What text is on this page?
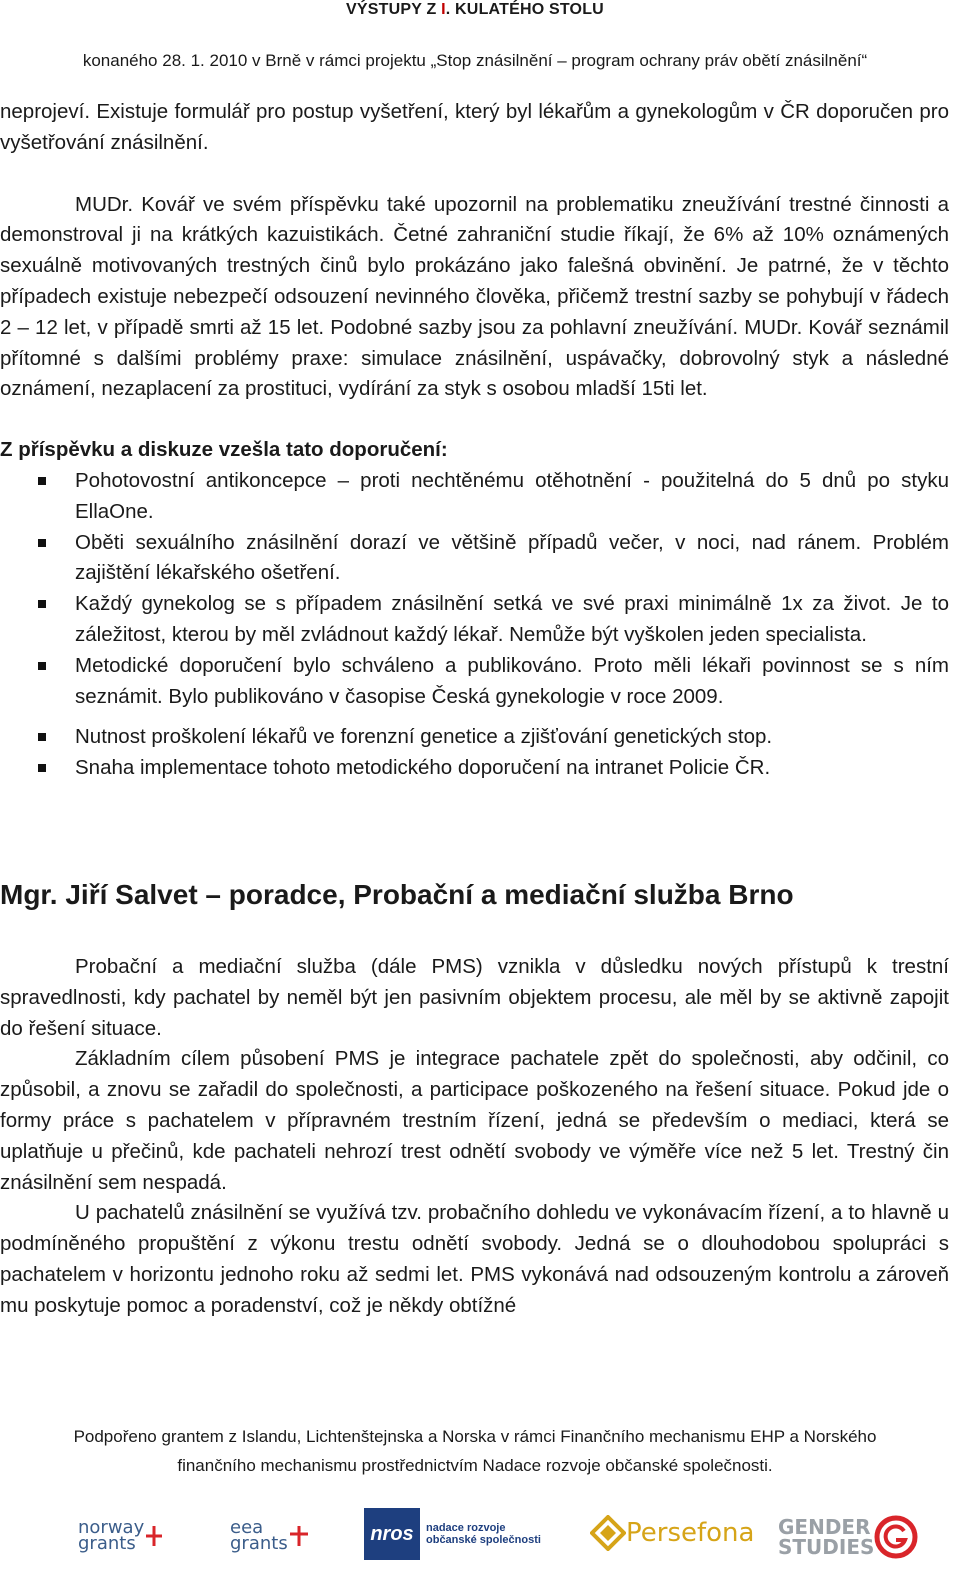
VÝSTUPY Z I. KULATÉHO STOLU
konaného 28. 1. 2010 v Brně v rámci projektu „Stop znásilnění – program ochrany práv obětí znásilnění“

neprojeví. Existuje formulář pro postup vyšetření, který byl lékařům a gynekologům v ČR doporučen pro vyšetřování znásilnění.

MUDr. Kovář ve svém příspěvku také upozornil na problematiku zneužívání trestné činnosti a demonstroval ji na krátkých kazuistikách. Četné zahraniční studie říkají, že 6% až 10% oznámených sexuálně motivovaných trestných činů bylo prokázáno jako falešná obvinění. Je patrné, že v těchto případech existuje nebezpečí odsouzení nevinného člověka, přičemž trestní sazby se pohybují v řádech 2 – 12 let, v případě smrti až 15 let. Podobné sazby jsou za pohlavní zneužívání. MUDr. Kovář seznámil přítomné s dalšími problémy praxe: simulace znásilnění, uspávačky, dobrovolný styk a následné oznámení, nezaplacení za prostituci, vydírání za styk s osobou mladší 15ti let.

Z příspěvku a diskuze vzešla tato doporučení:

Pohotovostní antikoncepce – proti nechtěnému otěhotnění - použitelná do 5 dnů po styku EllaOne.
Oběti sexuálního znásilnění dorazí ve většině případů večer, v noci, nad ránem. Problém zajištění lékařského ošetření.
Každý gynekolog se s případem znásilnění setká ve své praxi minimálně 1x za život. Je to záležitost, kterou by měl zvládnout každý lékař. Nemůže být vyškolen jeden specialista.
Metodické doporučení bylo schváleno a publikováno. Proto měli lékaři povinnost se s ním seznámit. Bylo publikováno v časopise Česká gynekologie v roce 2009.
Nutnost proškolení lékařů ve forenzní genetice a zjišťování genetických stop.
Snaha implementace tohoto metodického doporučení na intranet Policie ČR.

Mgr. Jiří Salvet – poradce, Probační a mediační služba Brno

Probační a mediační služba (dále PMS) vznikla v důsledku nových přístupů k trestní spravedlnosti, kdy pachatel by neměl být jen pasivním objektem procesu, ale měl by se aktivně zapojit do řešení situace.

Základním cílem působení PMS je integrace pachatele zpět do společnosti, aby odčinil, co způsobil, a znovu se zařadil do společnosti, a participace poškozeného na řešení situace. Pokud jde o formy práce s pachatelem v přípravném trestním řízení, jedná se především o mediaci, která se uplatňuje u přečinů, kde pachateli nehrozí trest odnětí svobody ve výměře více než 5 let. Trestný čin znásilnění sem nespadá.

U pachatelů znásilnění se využívá tzv. probačního dohledu ve vykonávacím řízení, a to hlavně u podmíněného propuštění z výkonu trestu odnětí svobody. Jedná se o dlouhodobou spolupráci s pachatelem v horizontu jednoho roku až sedmi let. PMS vykonává nad odsouzeným kontrolu a zároveň mu poskytuje pomoc a poradenství, což je někdy obtížné

Podpořeno grantem z Islandu, Lichtenštejnska a Norska v rámci Finančního mechanismu EHP a Norského
finančního mechanismu prostřednictvím Nadace rozvoje občanské společnosti.
norway
grants
eea
grants	nros	nadace rozvoje
občanské společnosti	Persefona GENDER
STUDIES
